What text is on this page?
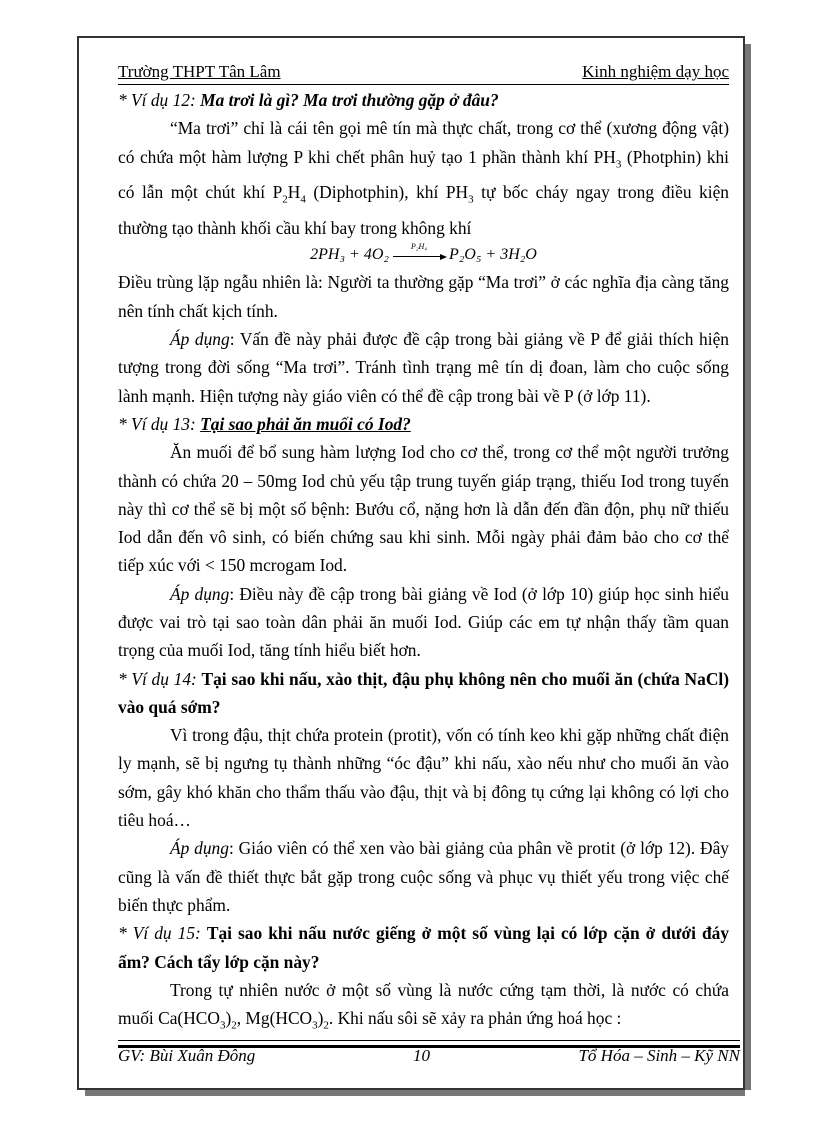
Trường THPT Tân Lâm	Kinh nghiệm dạy học

* Ví dụ 12: Ma trơi là gì? Ma trơi thường gặp ở đâu?

“Ma trơi” chỉ là cái tên gọi mê tín mà thực chất, trong cơ thể (xương động vật) có chứa một hàm lượng P khi chết phân huỷ tạo 1 phần thành khí $PH_3$ (Photphin) khi có lẫn một chút khí $P_2H_4$ (Diphotphin), khí $PH_3$ tự bốc cháy ngay trong điều kiện thường tạo thành khối cầu khí bay trong không khí

2PH₃ + 4O₂
P₂H₄
P₂O₅ + 3H₂O

Điều trùng lặp ngẫu nhiên là: Người ta thường gặp “Ma trơi” ở các nghĩa địa càng tăng nên tính chất kịch tính.

Áp dụng: Vấn đề này phải được đề cập trong bài giảng về P để giải thích hiện tượng trong đời sống “Ma trơi”. Tránh tình trạng mê tín dị đoan, làm cho cuộc sống lành mạnh. Hiện tượng này giáo viên có thể đề cập trong bài về P (ở lớp 11).

* Ví dụ 13: Tại sao phải ăn muối có Iod?

Ăn muối để bổ sung hàm lượng Iod cho cơ thể, trong cơ thể một người trưởng thành có chứa 20 – 50mg Iod chủ yếu tập trung tuyến giáp trạng, thiếu Iod trong tuyến này thì cơ thể sẽ bị một số bệnh: Bướu cổ, nặng hơn là dẫn đến đần độn, phụ nữ thiếu Iod dẫn đến vô sinh, có biến chứng sau khi sinh. Mỗi ngày phải đảm bảo cho cơ thể tiếp xúc với < 150 mcrogam Iod.

Áp dụng: Điều này đề cập trong bài giảng về Iod (ở lớp 10) giúp học sinh hiểu được vai trò tại sao toàn dân phải ăn muối Iod. Giúp các em tự nhận thấy tầm quan trọng của muối Iod, tăng tính hiểu biết hơn.

* Ví dụ 14: Tại sao khi nấu, xào thịt, đậu phụ không nên cho muối ăn (chứa NaCl) vào quá sớm?

Vì trong đậu, thịt chứa protein (protit), vốn có tính keo khi gặp những chất điện ly mạnh, sẽ bị ngưng tụ thành những “óc đậu” khi nấu, xào nếu như cho muối ăn vào sớm, gây khó khăn cho thẩm thấu vào đậu, thịt và bị đông tụ cứng lại không có lợi cho tiêu hoá…

Áp dụng: Giáo viên có thể xen vào bài giảng của phân về protit (ở lớp 12). Đây cũng là vấn đề thiết thực bắt gặp trong cuộc sống và phục vụ thiết yếu trong việc chế biến thực phẩm.

* Ví dụ 15: Tại sao khi nấu nước giếng ở một số vùng lại có lớp cặn ở dưới đáy ấm? Cách tẩy lớp cặn này?

Trong tự nhiên nước ở một số vùng là nước cứng tạm thời, là nước có chứa muối $Ca(HCO_3)_2$, $Mg(HCO_3)_2$. Khi nấu sôi sẽ xảy ra phản ứng hoá học :

GV: Bùi Xuân Đông	10	Tổ Hóa – Sinh – Kỹ NN
